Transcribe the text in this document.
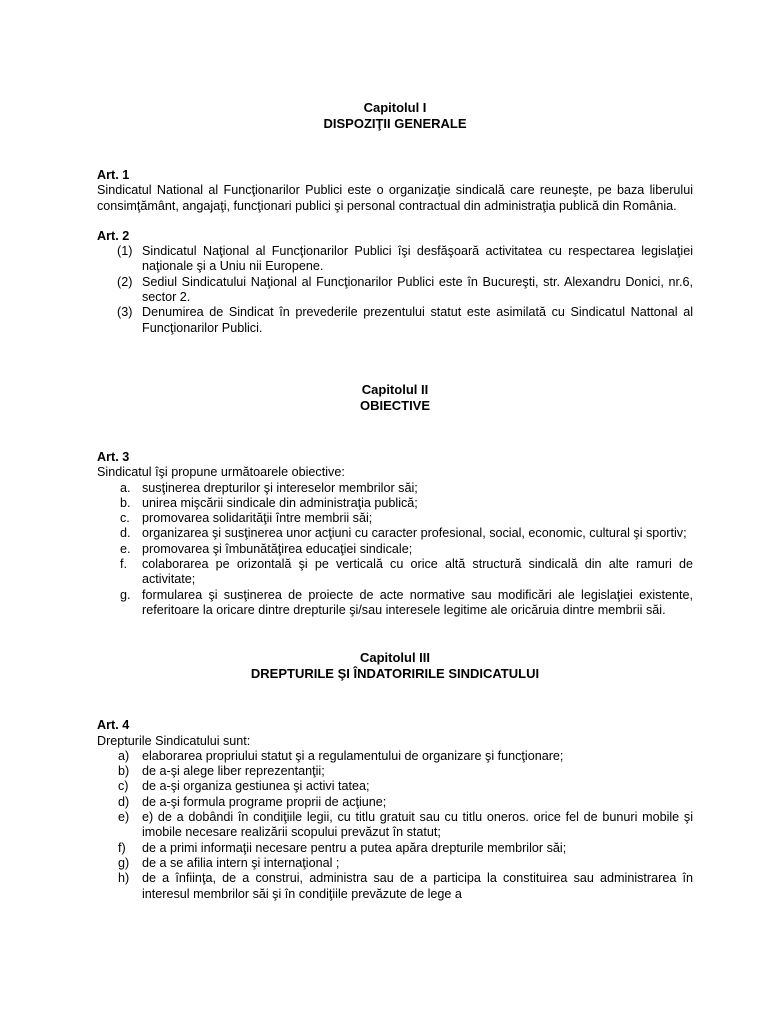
Capitolul I
DISPOZIŢII GENERALE
Art. 1
Sindicatul Natiοnal al Funcţionarilor Publici este o organizaţie sindicală care reuneşte, pe baza liberului consimţământ, angajaţi, funcţionari publici şi personal contractual din administraţia publică din România.
Art. 2
(1) Sindicatul Naţional al Funcţionarilor Publici îşi desfăşoară activitatea cu respectarea legislaţiei naţionale şi a Uniu nii Europene.
(2) Sediul Sindicatului Naţional al Funcţionarilor Publici este în Bucureşti, str. Alexandru Donici, nr.6, sector 2.
(3) Denumirea de Sindicat în prevederile prezentului statut este asimilată cu Sindicatul Nattonal al Funcţionarilor Publici.
Capitolul II
OBIECTIVE
Art. 3
Sindicatul îşi propune următoarele obiective:
a. susţinerea drepturilor şi intereselor membrilor săi;
b. unirea mişcării sindicale din administraţia publică;
c. promovarea solidarităţii între membrii săi;
d. organizarea şi susţinerea unor acţiuni cu caracter profesional, social, economic, cultural şi sportiv;
e. promovarea şi îmbunătăţirea educaţiei sindicale;
f.	colaborarea pe orizontală şi pe verticală cu orice altă structură sindicală din alte ramuri de activitate;
g. formularea şi susţinerea de proiecte de acte normative sau modificări ale legislaţiei existente, referitoare la oricare dintre drepturile şi/sau interesele legitime ale oricăruia dintre membrii săi.
Capitolul III
DREPTURILE ŞI ÎNDATORIRILE SINDICATULUI
Art. 4
Drepturile Sindicatului sunt:
a)	elaborarea propriului statut şi a regulamentului de organizare şi funcţionare;
b)	de a-şi alege liber reprezentanţii;
c)	de a-şi organiza gestiunea şi activi tatea;
d)	de a-şi formula programe proprii de acţiune;
e)	e) de a dobândi în condiţiile legii, cu titlu gratuit sau cu titlu oneros. orice fel de bunuri mobile şi imobile necesare realizării scopului prevăzut în statut;
f)	de a primi informaţii necesare pentru a putea apăra drepturile membrilor săi;
g)	de a se afilia intern şi internaţional ;
h)	de a înfiinţa, de a construi, administra sau de a participa la constituirea sau administrarea în interesul membrilor săi şi în condiţiile prevăzute de lege a
